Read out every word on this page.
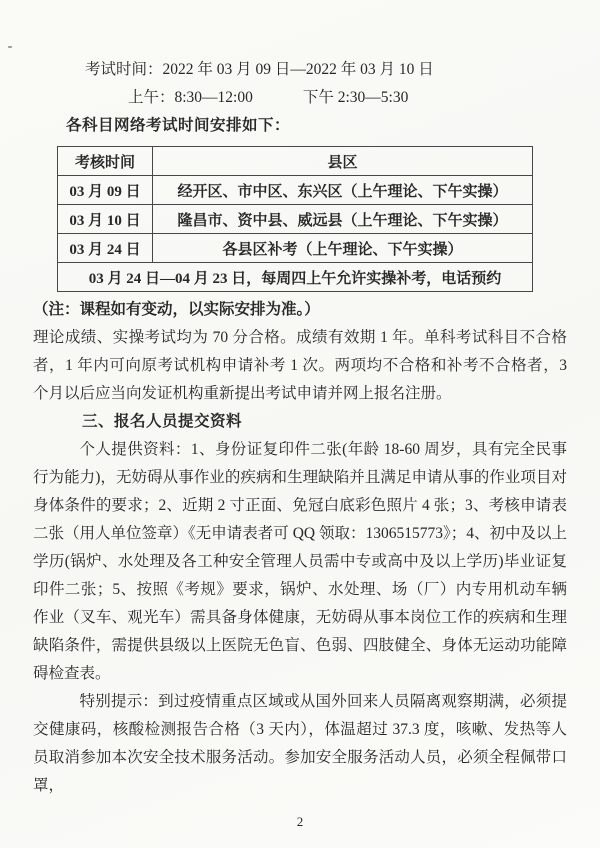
考试时间：2022 年 03 月 09 日—2022 年 03 月 10 日

上午：8:30—12:00	下午 2:30—5:30

各科目网络考试时间安排如下：

考核时间	县区
03 月 09 日	经开区、市中区、东兴区（上午理论、下午实操）
03 月 10 日	隆昌市、资中县、威远县（上午理论、下午实操）
03 月 24 日	各县区补考（上午理论、下午实操）
03 月 24 日—04 月 23 日，每周四上午允许实操补考，电话预约	

（注：课程如有变动，以实际安排为准。）

理论成绩、实操考试均为 70 分合格。成绩有效期 1 年。单科考试科目不合格者，1 年内可向原考试机构申请补考 1 次。两项均不合格和补考不合格者，3 个月以后应当向发证机构重新提出考试申请并网上报名注册。

三、报名人员提交资料

个人提供资料：1、身份证复印件二张(年龄 18-60 周岁，具有完全民事行为能力)，无妨碍从事作业的疾病和生理缺陷并且满足申请从事的作业项目对身体条件的要求；2、近期 2 寸正面、免冠白底彩色照片 4 张；3、考核申请表二张（用人单位签章）《无申请表者可 QQ 领取：1306515773》；4、初中及以上学历(锅炉、水处理及各工种安全管理人员需中专或高中及以上学历)毕业证复印件二张；5、按照《考规》要求，锅炉、水处理、场（厂）内专用机动车辆作业（叉车、观光车）需具备身体健康，无妨碍从事本岗位工作的疾病和生理缺陷条件，需提供县级以上医院无色盲、色弱、四肢健全、身体无运动功能障碍检查表。

特别提示：到过疫情重点区域或从国外回来人员隔离观察期满，必须提交健康码，核酸检测报告合格（3 天内），体温超过 37.3 度，咳嗽、发热等人员取消参加本次安全技术服务活动。参加安全服务活动人员，必须全程佩带口罩，

2
